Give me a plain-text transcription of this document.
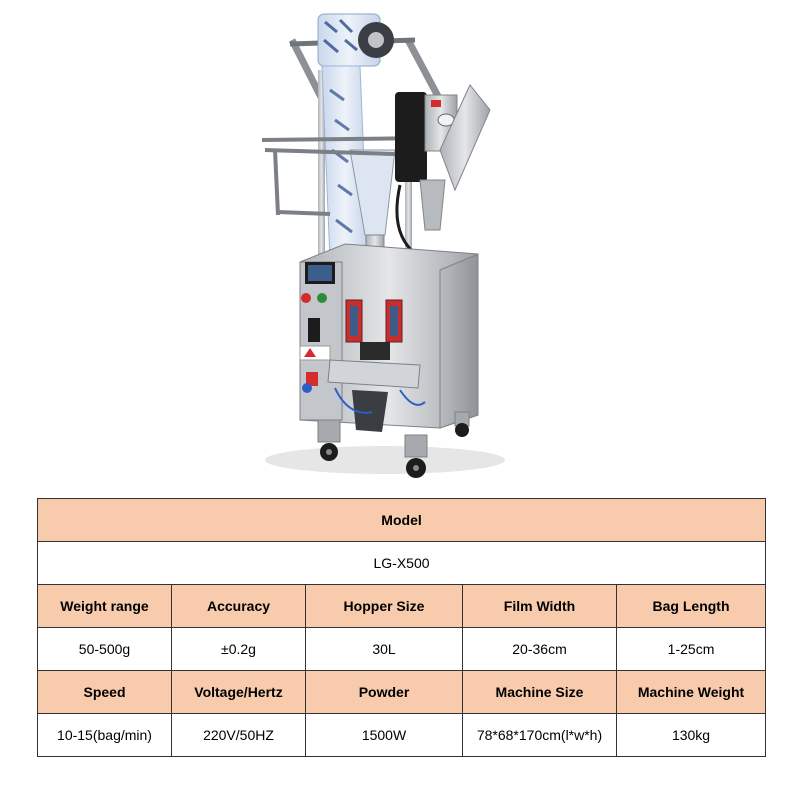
Model				
LG-X500				
Weight range	Accuracy	Hopper Size	Film Width	Bag Length
50-500g	±0.2g	30L	20-36cm	1-25cm
Speed	Voltage/Hertz	Powder	Machine Size	Machine Weight
10-15(bag/min)	220V/50HZ	1500W	78*68*170cm(l*w*h)	130kg
